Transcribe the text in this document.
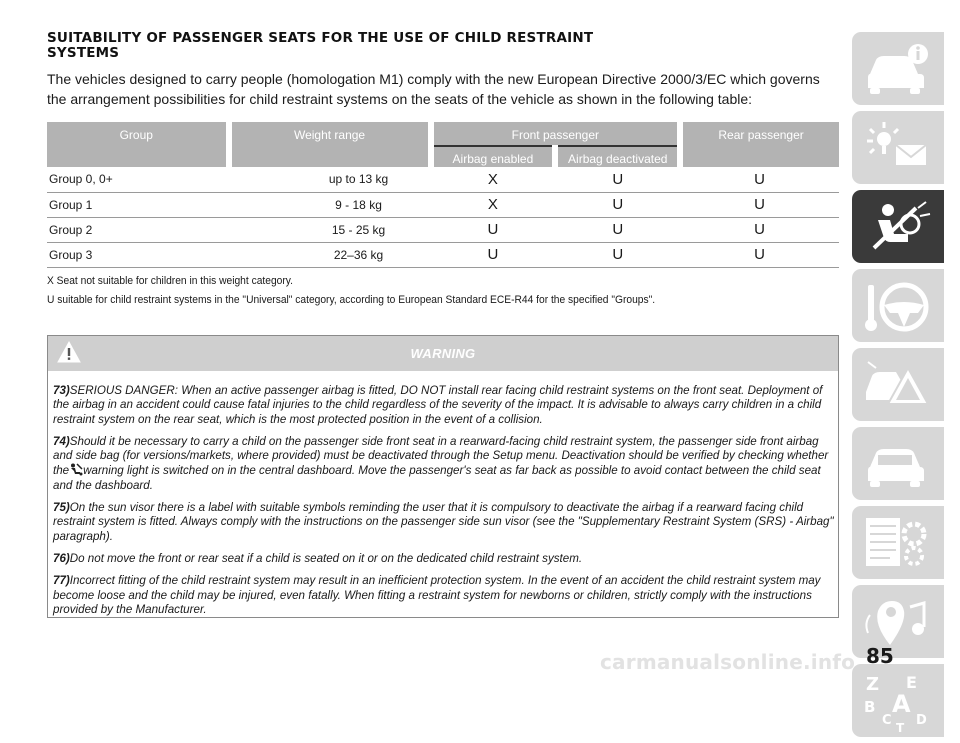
SUITABILITY OF PASSENGER SEATS FOR THE USE OF CHILD RESTRAINT
SYSTEMS

The vehicles designed to carry people (homologation M1) comply with the new European Directive 2000/3/EC which governs the arrangement possibilities for child restraint systems on the seats of the vehicle as shown in the following table:

Group	Weight range	Front passenger		Rear passenger
		Airbag enabled	Airbag deactivated	
Group 0, 0+	up to 13 kg	X	U	U
Group 1	9 - 18 kg	X	U	U
Group 2	15 - 25 kg	U	U	U
Group 3	22–36 kg	U	U	U
X Seat not suitable for children in this weight category.
U suitable for child restraint systems in the "Universal" category, according to European Standard ECE-R44 for the specified "Groups".
WARNING

73)SERIOUS DANGER: When an active passenger airbag is fitted, DO NOT install rear facing child restraint systems on the front seat. Deployment of the airbag in an accident could cause fatal injuries to the child regardless of the severity of the impact. It is advisable to always carry children in a child restraint system on the rear seat, which is the most protected position in the event of a collision.

74)Should it be necessary to carry a child on the passenger side front seat in a rearward-facing child restraint system, the passenger side front airbag and side bag (for versions/markets, where provided) must be deactivated through the Setup menu. Deactivation should be verified by checking whether the warning light is switched on in the central dashboard. Move the passenger's seat as far back as possible to avoid contact between the child seat and the dashboard.

75)On the sun visor there is a label with suitable symbols reminding the user that it is compulsory to deactivate the airbag if a rearward facing child restraint system is fitted. Always comply with the instructions on the passenger side sun visor (see the "Supplementary Restraint System (SRS) - Airbag" paragraph).

76)Do not move the front or rear seat if a child is seated on it or on the dedicated child restraint system.

77)Incorrect fitting of the child restraint system may result in an inefficient protection system. In the event of an accident the child restraint system may become loose and the child may be injured, even fatally. When fitting a restraint system for newborns or children, strictly comply with the instructions provided by the Manufacturer.

Z E
B A
C D
T
carmanualsonline.info 85
